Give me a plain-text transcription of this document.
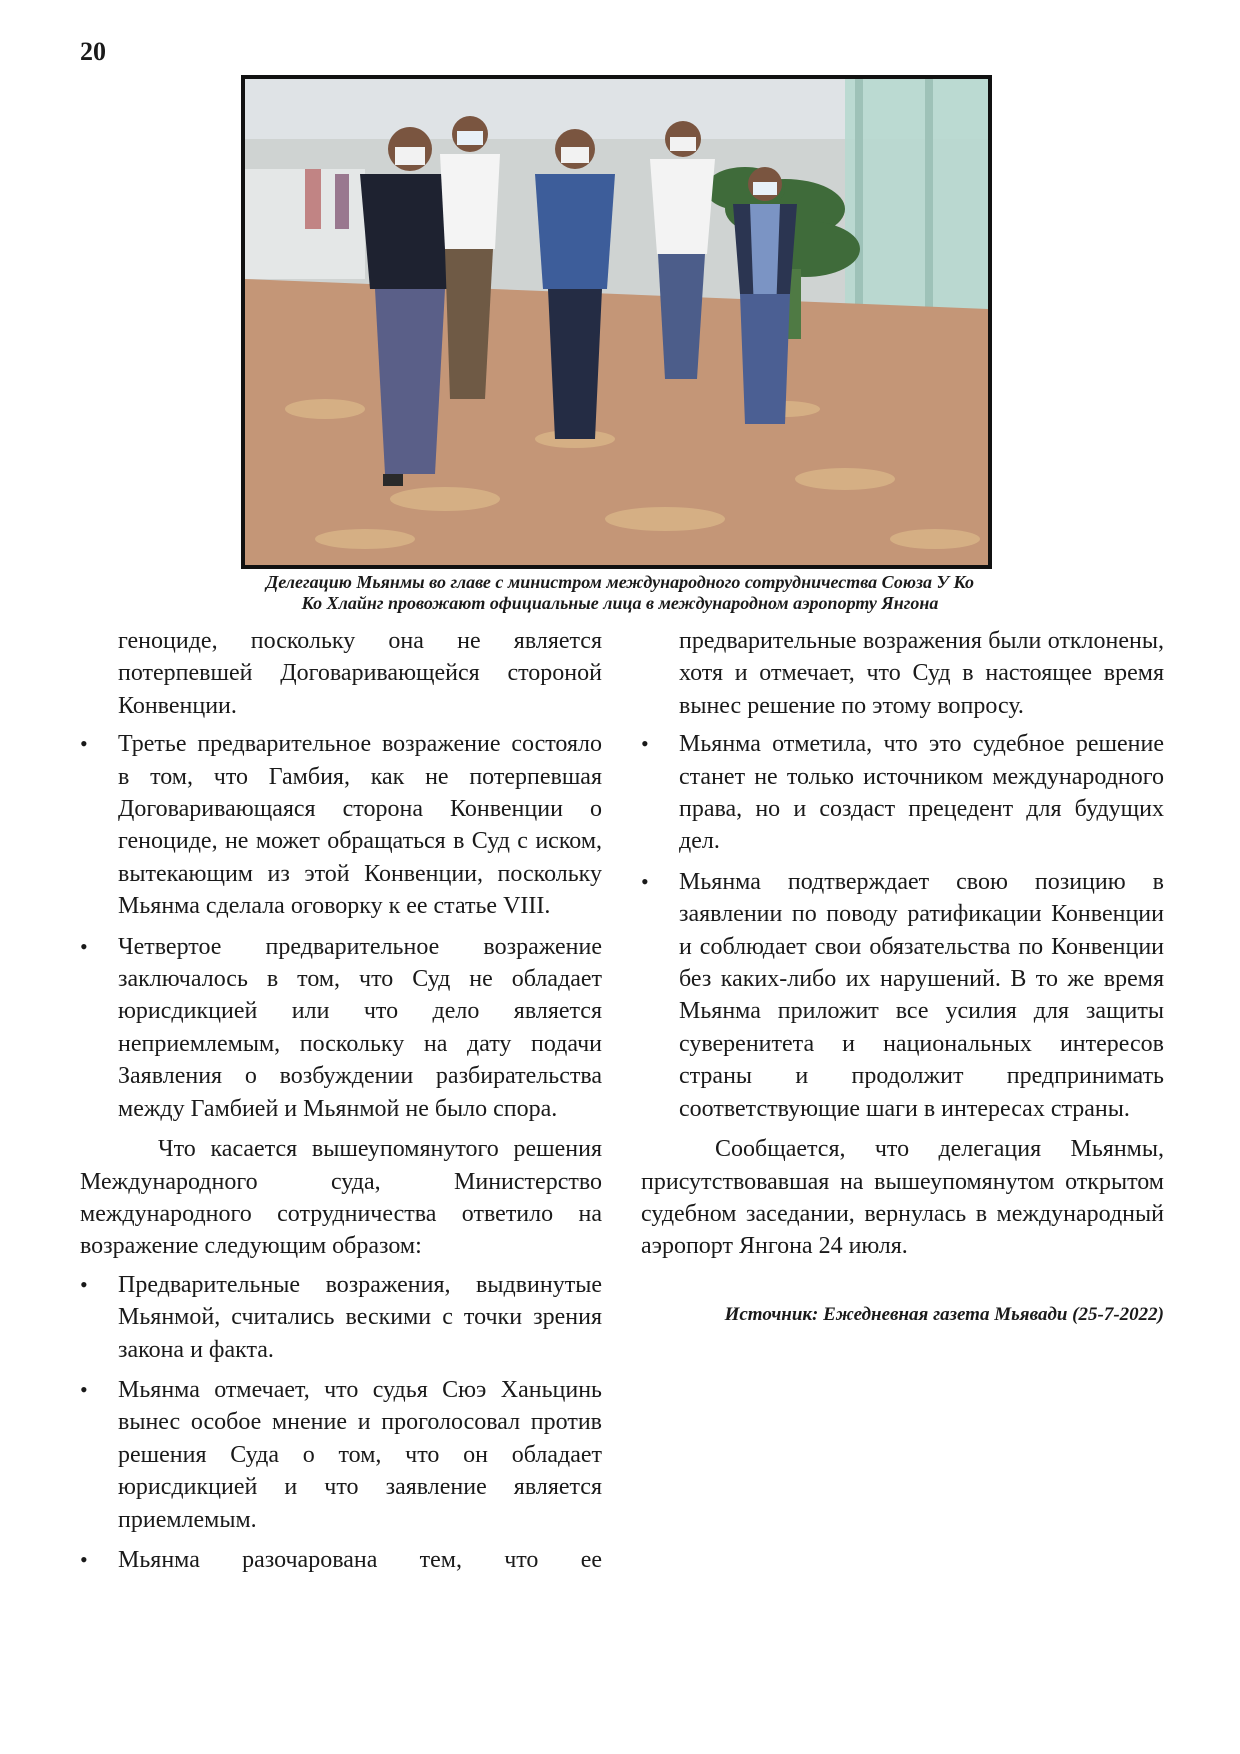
20
Делегацию Мьянмы во главе с министром международного сотрудничества Союза У Ко
Ко Хлайнг провожают официальные лица в международном аэропорту Янгона

геноциде, поскольку она не является потерпевшей Договаривающейся стороной Конвенции.

• Третье предварительное возражение состояло в том, что Гамбия, как не потерпевшая Договаривающаяся сторона Конвенции о геноциде, не может обращаться в Суд с иском, вытекающим из этой Конвенции, поскольку Мьянма сделала оговорку к ее статье VIII.
• Четвертое предварительное возражение заключалось в том, что Суд не обладает юрисдикцией или что дело является неприемлемым, поскольку на дату подачи Заявления о возбуждении разбирательства между Гамбией и Мьянмой не было спора.

Что касается вышеупомянутого решения Международного суда, Министерство международного сотрудничества ответило на возражение следующим образом:

• Предварительные возражения, выдвинутые Мьянмой, считались вескими с точки зрения закона и факта.
• Мьянма отмечает, что судья Сюэ Ханьцинь вынес особое мнение и проголосовал против решения Суда о том, что он обладает юрисдикцией и что заявление является приемлемым.
• Мьянма разочарована тем, что ее

предварительные возражения были отклонены, хотя и отмечает, что Суд в настоящее время вынес решение по этому вопросу.

• Мьянма отметила, что это судебное решение станет не только источником международного права, но и создаст прецедент для будущих дел.
• Мьянма подтверждает свою позицию в заявлении по поводу ратификации Конвенции и соблюдает свои обязательства по Конвенции без каких-либо их нарушений. В то же время Мьянма приложит все усилия для защиты суверенитета и национальных интересов страны и продолжит предпринимать соответствующие шаги в интересах страны.

Сообщается, что делегация Мьянмы, присутствовавшая на вышеупомянутом открытом судебном заседании, вернулась в международный аэропорт Янгона 24 июля.

Источник: Ежедневная газета Мьявади (25-7-2022)
